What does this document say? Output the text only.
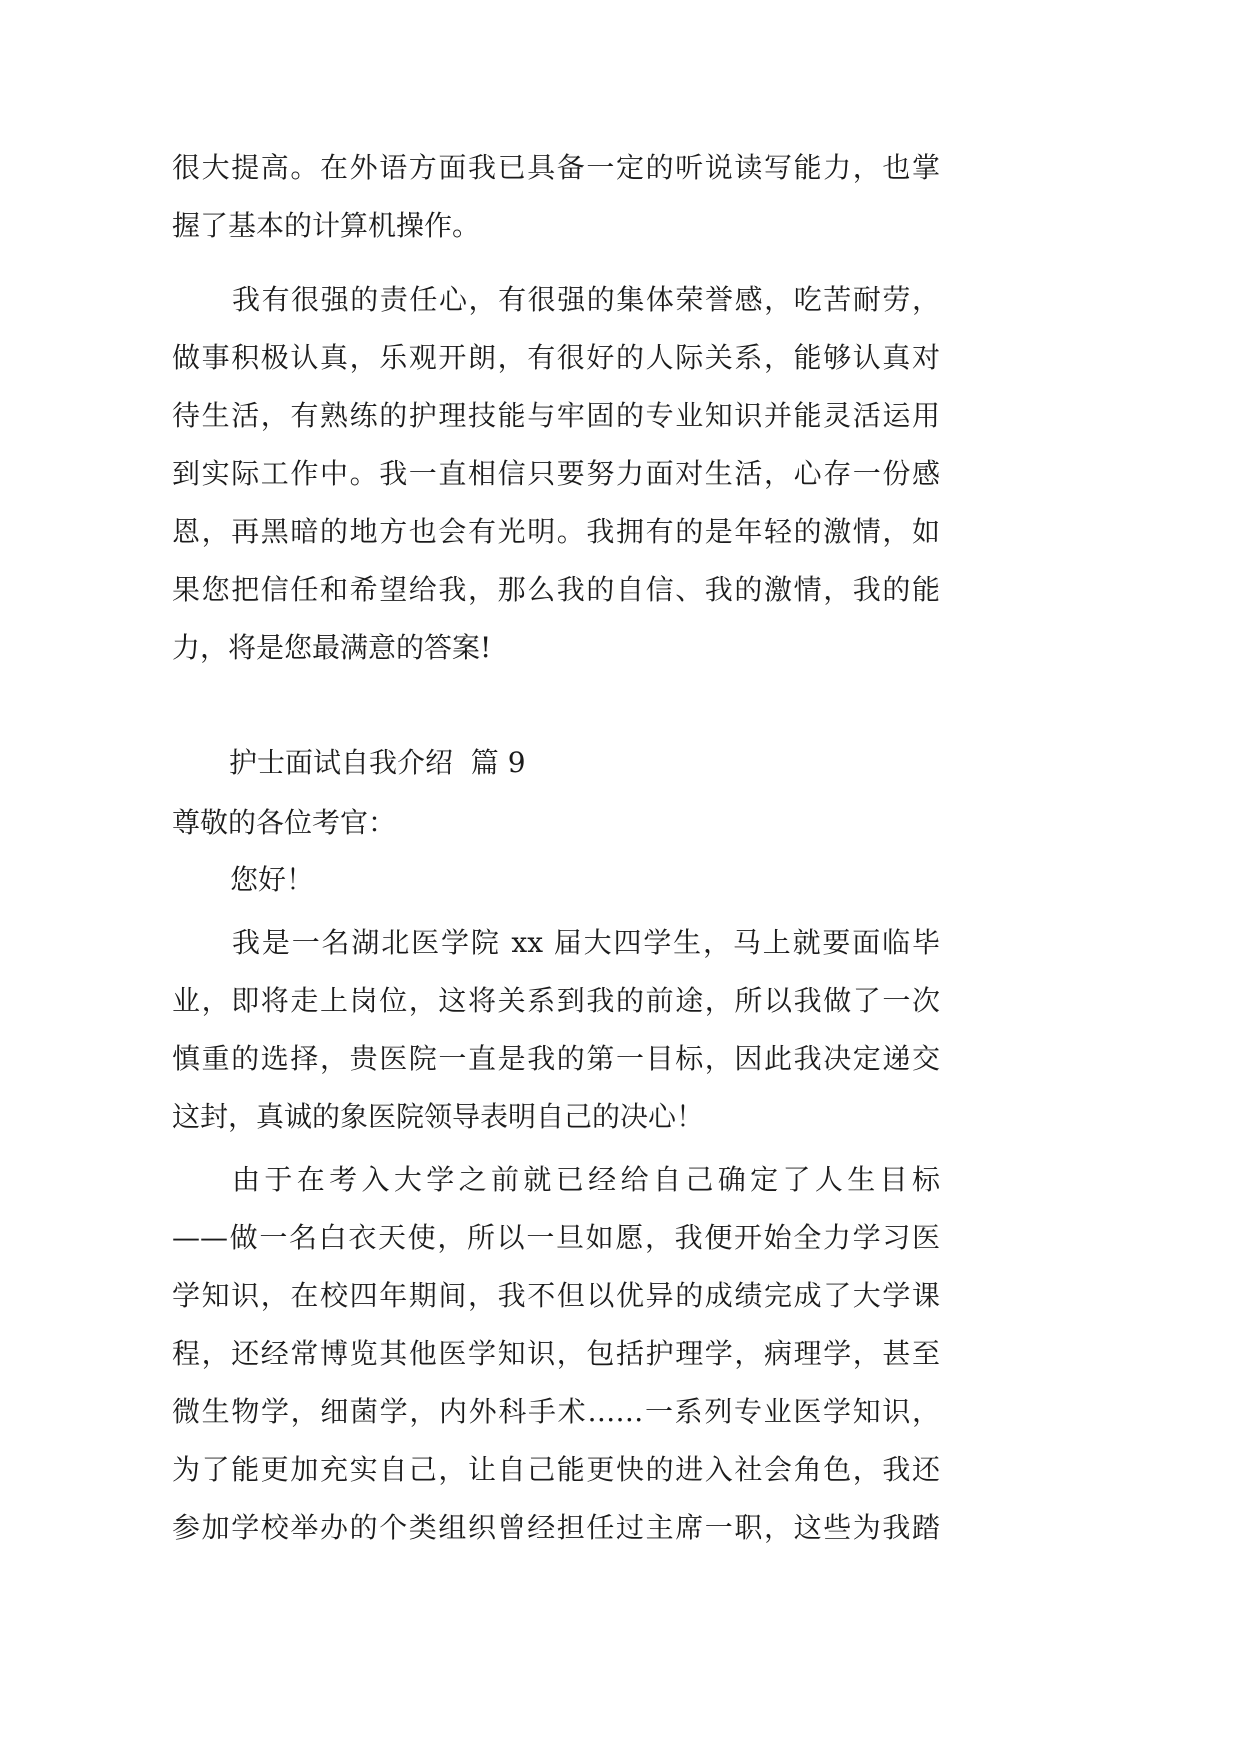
很大提高。在外语方面我已具备一定的听说读写能力，也掌
握了基本的计算机操作。
我有很强的责任心，有很强的集体荣誉感，吃苦耐劳，
做事积极认真，乐观开朗，有很好的人际关系，能够认真对
待生活，有熟练的护理技能与牢固的专业知识并能灵活运用
到实际工作中。我一直相信只要努力面对生活，心存一份感
恩，再黑暗的地方也会有光明。我拥有的是年轻的激情，如
果您把信任和希望给我，那么我的自信、我的激情，我的能
力，将是您最满意的答案!
护士面试自我介绍  篇 9
尊敬的各位考官：
您好！
我是一名湖北医学院 xx 届大四学生，马上就要面临毕
业，即将走上岗位，这将关系到我的前途，所以我做了一次
慎重的选择，贵医院一直是我的第一目标，因此我决定递交
这封，真诚的象医院领导表明自己的决心！
由于在考入大学之前就已经给自己确定了人生目标
——做一名白衣天使，所以一旦如愿，我便开始全力学习医
学知识，在校四年期间，我不但以优异的成绩完成了大学课
程，还经常博览其他医学知识，包括护理学，病理学，甚至
微生物学，细菌学，内外科手术……一系列专业医学知识，
为了能更加充实自己，让自己能更快的进入社会角色，我还
参加学校举办的个类组织曾经担任过主席一职，这些为我踏
